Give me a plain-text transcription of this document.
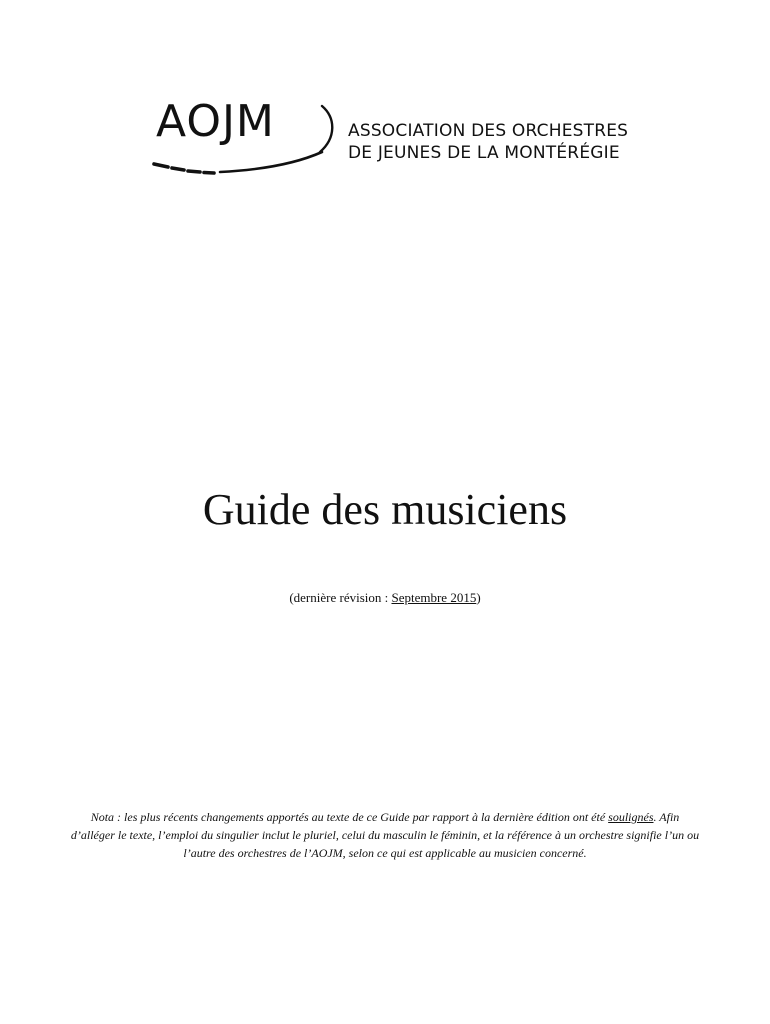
AOJM	ASSOCIATION DES ORCHESTRES
DE JEUNES DE LA MONTÉRÉGIE
Guide des musiciens
(dernière révision : Septembre 2015)
Nota : les plus récents changements apportés au texte de ce Guide par rapport à la dernière édition ont été soulignés. Afin d’alléger le texte, l’emploi du singulier inclut le pluriel, celui du masculin le féminin, et la référence à un orchestre signifie l’un ou l’autre des orchestres de l’AOJM, selon ce qui est applicable au musicien concerné.
